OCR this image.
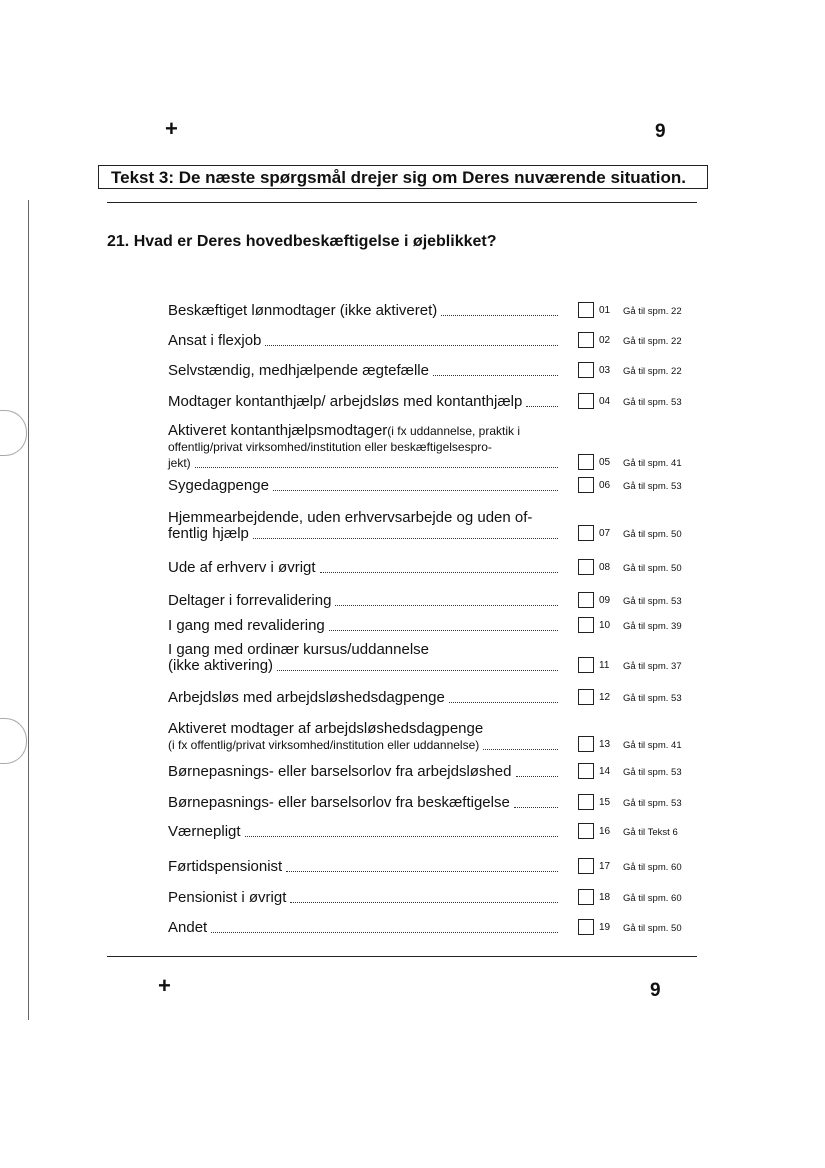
+	9
Tekst 3: De næste spørgsmål drejer sig om Deres nuværende situation.
21. Hvad er Deres hovedbeskæftigelse i øjeblikket?
Beskæftiget lønmodtager (ikke aktiveret)	01	Gå til spm. 22
Ansat i flexjob	02	Gå til spm. 22
Selvstændig, medhjælpende ægtefælle	03	Gå til spm. 22
Modtager kontanthjælp/ arbejdsløs med kontanthjælp	04	Gå til spm. 53
Aktiveret kontanthjælpsmodtager (i fx uddannelse, praktik i
offentlig/privat virksomhed/institution eller beskæftigelsespro-
jekt)	05	Gå til spm. 41
Sygedagpenge	06	Gå til spm. 53
Hjemmearbejdende, uden erhvervsarbejde og uden of-
fentlig hjælp	07	Gå til spm. 50
Ude af erhverv i øvrigt	08	Gå til spm. 50
Deltager i forrevalidering	09	Gå til spm. 53
I gang med revalidering	10	Gå til spm. 39
I gang med ordinær kursus/uddannelse
(ikke aktivering)	11	Gå til spm. 37
Arbejdsløs med arbejdsløshedsdagpenge	12	Gå til spm. 53
Aktiveret modtager af arbejdsløshedsdagpenge
(i fx offentlig/privat virksomhed/institution eller uddannelse)	13	Gå til spm. 41
Børnepasnings- eller barselsorlov fra arbejdsløshed	14	Gå til spm. 53
Børnepasnings- eller barselsorlov fra beskæftigelse	15	Gå til spm. 53
Værnepligt	16	Gå til Tekst 6
Førtidspensionist	17	Gå til spm. 60
Pensionist i øvrigt	18	Gå til spm. 60
Andet	19	Gå til spm. 50
+	9
